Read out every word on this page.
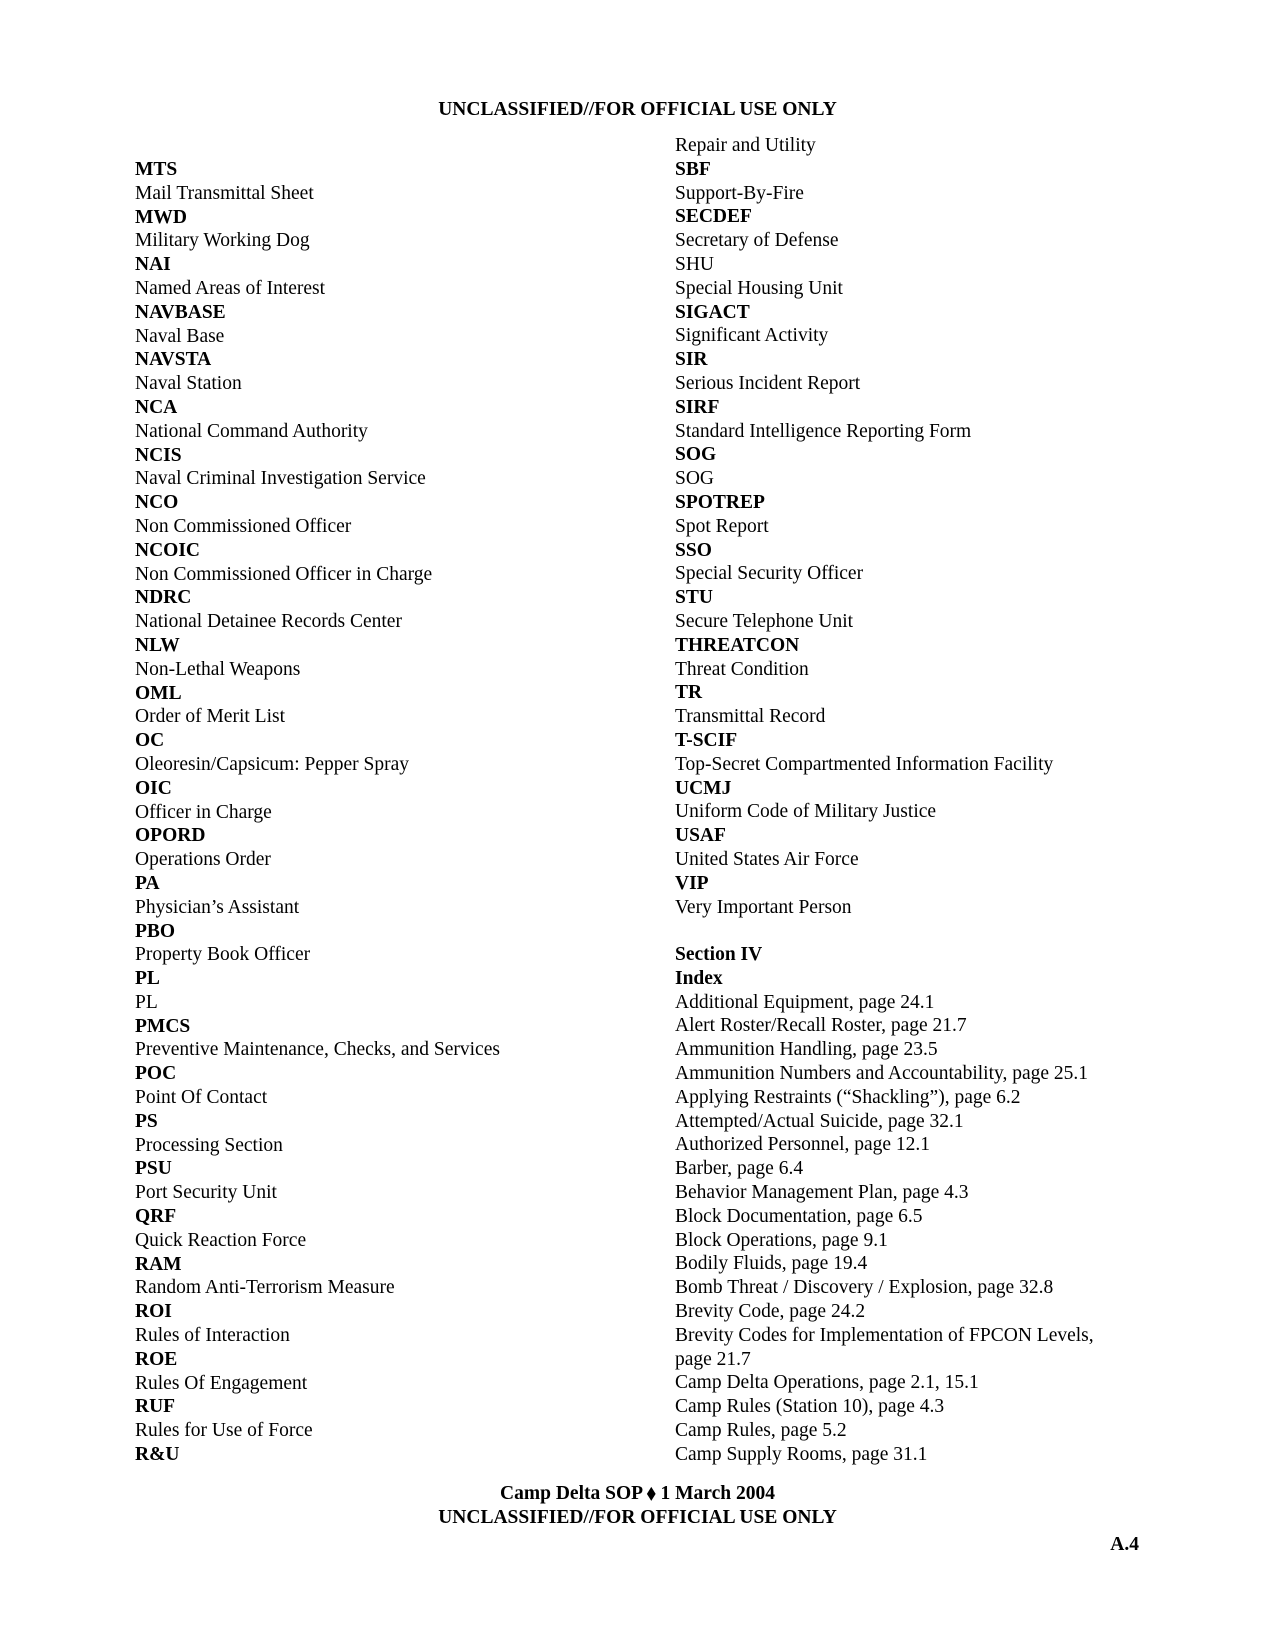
UNCLASSIFIED//FOR OFFICIAL USE ONLY
MTS
Mail Transmittal Sheet
MWD
Military Working Dog
NAI
Named Areas of Interest
NAVBASE
Naval Base
NAVSTA
Naval Station
NCA
National Command Authority
NCIS
Naval Criminal Investigation Service
NCO
Non Commissioned Officer
NCOIC
Non Commissioned Officer in Charge
NDRC
National Detainee Records Center
NLW
Non-Lethal Weapons
OML
Order of Merit List
OC
Oleoresin/Capsicum: Pepper Spray
OIC
Officer in Charge
OPORD
Operations Order
PA
Physician’s Assistant
PBO
Property Book Officer
PL
PL
PMCS
Preventive Maintenance, Checks, and Services
POC
Point Of Contact
PS
Processing Section
PSU
Port Security Unit
QRF
Quick Reaction Force
RAM
Random Anti-Terrorism Measure
ROI
Rules of Interaction
ROE
Rules Of Engagement
RUF
Rules for Use of Force
R&U
Repair and Utility
SBF
Support-By-Fire
SECDEF
Secretary of Defense
SHU
Special Housing Unit
SIGACT
Significant Activity
SIR
Serious Incident Report
SIRF
Standard Intelligence Reporting Form
SOG
SOG
SPOTREP
Spot Report
SSO
Special Security Officer
STU
Secure Telephone Unit
THREATCON
Threat Condition
TR
Transmittal Record
T-SCIF
Top-Secret Compartmented Information Facility
UCMJ
Uniform Code of Military Justice
USAF
United States Air Force
VIP
Very Important Person
Section IV
Index
Additional Equipment, page 24.1
Alert Roster/Recall Roster, page 21.7
Ammunition Handling, page 23.5
Ammunition Numbers and Accountability, page 25.1
Applying Restraints (“Shackling”), page 6.2
Attempted/Actual Suicide, page 32.1
Authorized Personnel, page 12.1
Barber, page 6.4
Behavior Management Plan, page 4.3
Block Documentation, page 6.5
Block Operations, page 9.1
Bodily Fluids, page 19.4
Bomb Threat / Discovery / Explosion, page 32.8
Brevity Code, page 24.2
Brevity Codes for Implementation of FPCON Levels,
page 21.7
Camp Delta Operations, page 2.1, 15.1
Camp Rules (Station 10), page 4.3
Camp Rules, page 5.2
Camp Supply Rooms, page 31.1
Camp Delta SOP ⬧ 1 March 2004
UNCLASSIFIED//FOR OFFICIAL USE ONLY
A.4
